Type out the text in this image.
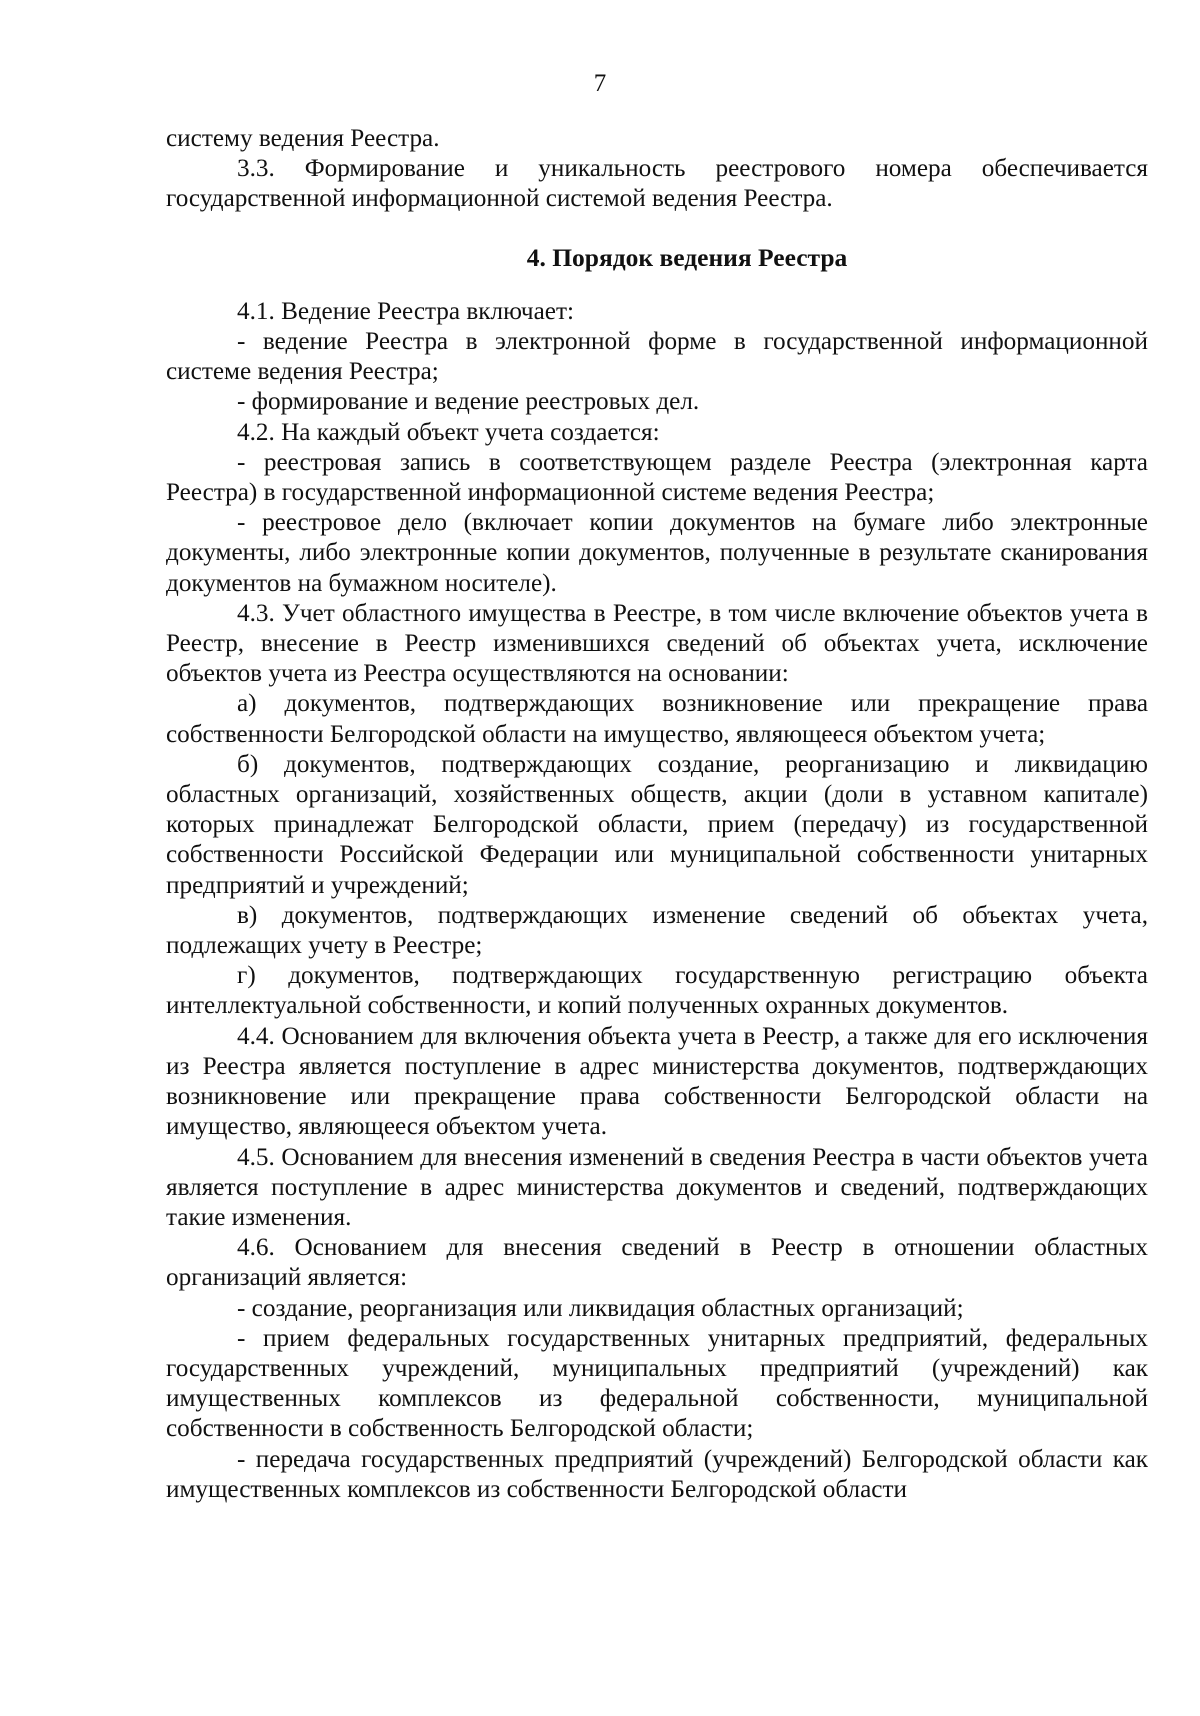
7

систему ведения Реестра.

3.3. Формирование и уникальность реестрового номера обеспечивается государственной информационной системой ведения Реестра.

4. Порядок ведения Реестра

4.1. Ведение Реестра включает:

- ведение Реестра в электронной форме в государственной информационной системе ведения Реестра;

- формирование и ведение реестровых дел.

4.2. На каждый объект учета создается:

- реестровая запись в соответствующем разделе Реестра (электронная карта Реестра) в государственной информационной системе ведения Реестра;

- реестровое дело (включает копии документов на бумаге либо электронные документы, либо электронные копии документов, полученные в результате сканирования документов на бумажном носителе).

4.3. Учет областного имущества в Реестре, в том числе включение объектов учета в Реестр, внесение в Реестр изменившихся сведений об объектах учета, исключение объектов учета из Реестра осуществляются на основании:

а) документов, подтверждающих возникновение или прекращение права собственности Белгородской области на имущество, являющееся объектом учета;

б) документов, подтверждающих создание, реорганизацию и ликвидацию областных организаций, хозяйственных обществ, акции (доли в уставном капитале) которых принадлежат Белгородской области, прием (передачу) из государственной собственности Российской Федерации или муниципальной собственности унитарных предприятий и учреждений;

в) документов, подтверждающих изменение сведений об объектах учета, подлежащих учету в Реестре;

г) документов, подтверждающих государственную регистрацию объекта интеллектуальной собственности, и копий полученных охранных документов.

4.4. Основанием для включения объекта учета в Реестр, а также для его исключения из Реестра является поступление в адрес министерства документов, подтверждающих возникновение или прекращение права собственности Белгородской области на имущество, являющееся объектом учета.

4.5. Основанием для внесения изменений в сведения Реестра в части объектов учета является поступление в адрес министерства документов и сведений, подтверждающих такие изменения.

4.6. Основанием для внесения сведений в Реестр в отношении областных организаций является:

- создание, реорганизация или ликвидация областных организаций;

- прием федеральных государственных унитарных предприятий, федеральных государственных учреждений, муниципальных предприятий (учреждений) как имущественных комплексов из федеральной собственности, муниципальной собственности в собственность Белгородской области;

- передача государственных предприятий (учреждений) Белгородской области как имущественных комплексов из собственности Белгородской области
